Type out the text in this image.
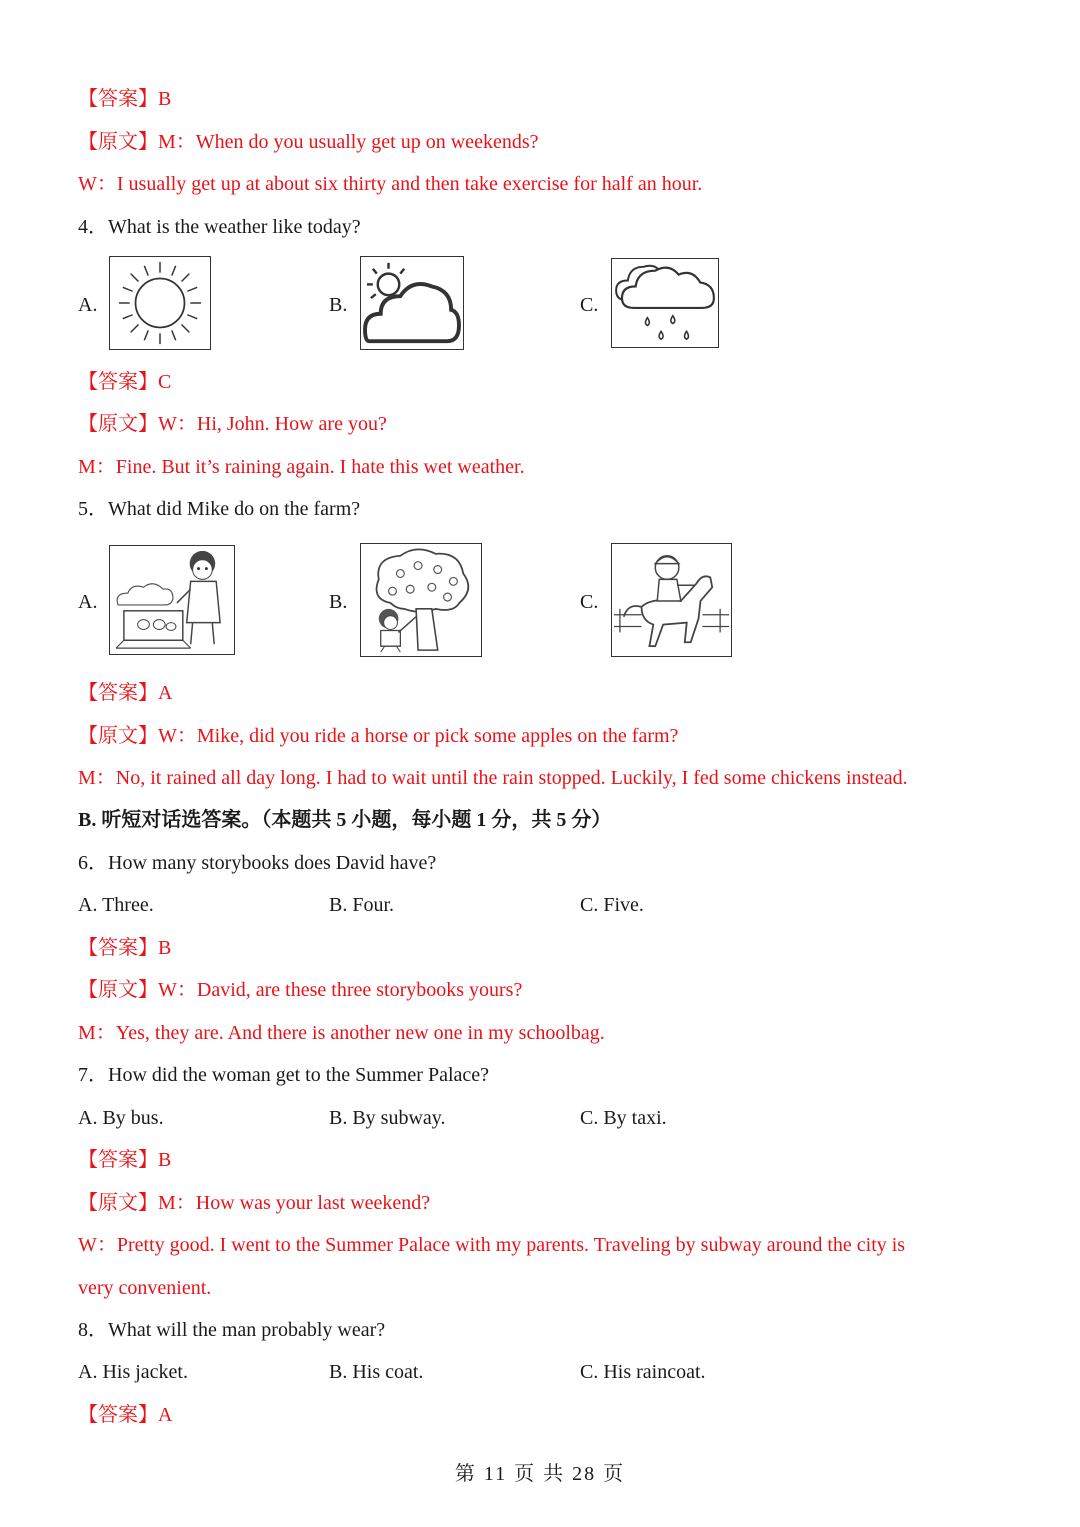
【答案】B
【原文】M：When do you usually get up on weekends?
W：I usually get up at about six thirty and then take exercise for half an hour.
4．What is the weather like today?
A.	B.	C.
【答案】C
【原文】W：Hi, John. How are you?
M：Fine. But it’s raining again. I hate this wet weather.
5．What did Mike do on the farm?
A.	B.	C.
【答案】A
【原文】W：Mike, did you ride a horse or pick some apples on the farm?
M：No, it rained all day long. I had to wait until the rain stopped. Luckily, I fed some chickens instead.
B. 听短对话选答案。（本题共 5 小题，每小题 1 分，共 5 分）
6．How many storybooks does David have?
A. Three.	B. Four.	C. Five.
【答案】B
【原文】W：David, are these three storybooks yours?
M：Yes, they are. And there is another new one in my schoolbag.
7．How did the woman get to the Summer Palace?
A. By bus.	B. By subway.	C. By taxi.
【答案】B
【原文】M：How was your last weekend?
W：Pretty good. I went to the Summer Palace with my parents. Traveling by subway around the city is
very convenient.
8．What will the man probably wear?
A. His jacket.	B. His coat.	C. His raincoat.
【答案】A
第 11 页 共 28 页
